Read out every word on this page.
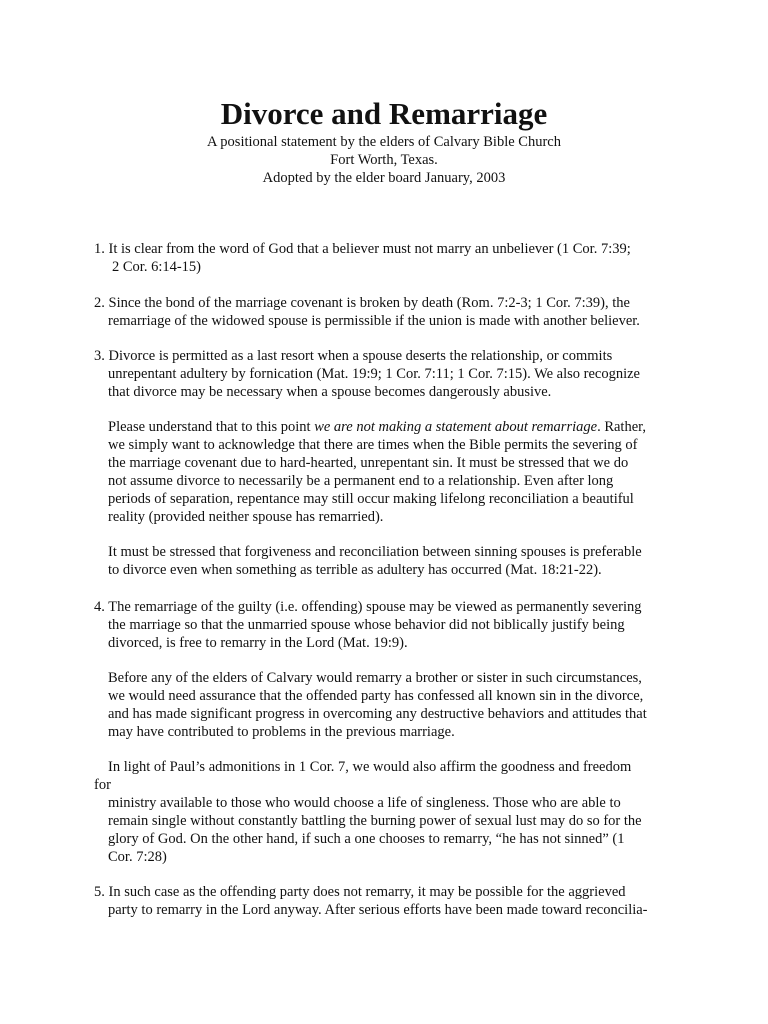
Divorce and Remarriage
A positional statement by the elders of Calvary Bible Church
Fort Worth, Texas.
Adopted by the elder board January, 2003
1. It is clear from the word of God that a believer must not marry an unbeliever (1 Cor. 7:39;
2 Cor. 6:14-15)
2. Since the bond of the marriage covenant is broken by death (Rom. 7:2-3; 1 Cor. 7:39), the
remarriage of the widowed spouse is permissible if the union is made with another believer.
3. Divorce is permitted as a last resort when a spouse deserts the relationship, or commits
unrepentant adultery by fornication (Mat. 19:9; 1 Cor. 7:11; 1 Cor. 7:15). We also recognize
that divorce may be necessary when a spouse becomes dangerously abusive.
Please understand that to this point we are not making a statement about remarriage. Rather,
we simply want to acknowledge that there are times when the Bible permits the severing of
the marriage covenant due to hard-hearted, unrepentant sin. It must be stressed that we do
not assume divorce to necessarily be a permanent end to a relationship. Even after long
periods of separation, repentance may still occur making lifelong reconciliation a beautiful
reality (provided neither spouse has remarried).
It must be stressed that forgiveness and reconciliation between sinning spouses is preferable
to divorce even when something as terrible as adultery has occurred (Mat. 18:21-22).
4. The remarriage of the guilty (i.e. offending) spouse may be viewed as permanently severing
the marriage so that the unmarried spouse whose behavior did not biblically justify being
divorced, is free to remarry in the Lord (Mat. 19:9).
Before any of the elders of Calvary would remarry a brother or sister in such circumstances,
we would need assurance that the offended party has confessed all known sin in the divorce,
and has made significant progress in overcoming any destructive behaviors and attitudes that
may have contributed to problems in the previous marriage.
In light of Paul’s admonitions in 1 Cor. 7, we would also affirm the goodness and freedom
for
ministry available to those who would choose a life of singleness. Those who are able to
remain single without constantly battling the burning power of sexual lust may do so for the
glory of God. On the other hand, if such a one chooses to remarry, “he has not sinned” (1
Cor. 7:28)
5. In such case as the offending party does not remarry, it may be possible for the aggrieved
party to remarry in the Lord anyway. After serious efforts have been made toward reconcilia-
